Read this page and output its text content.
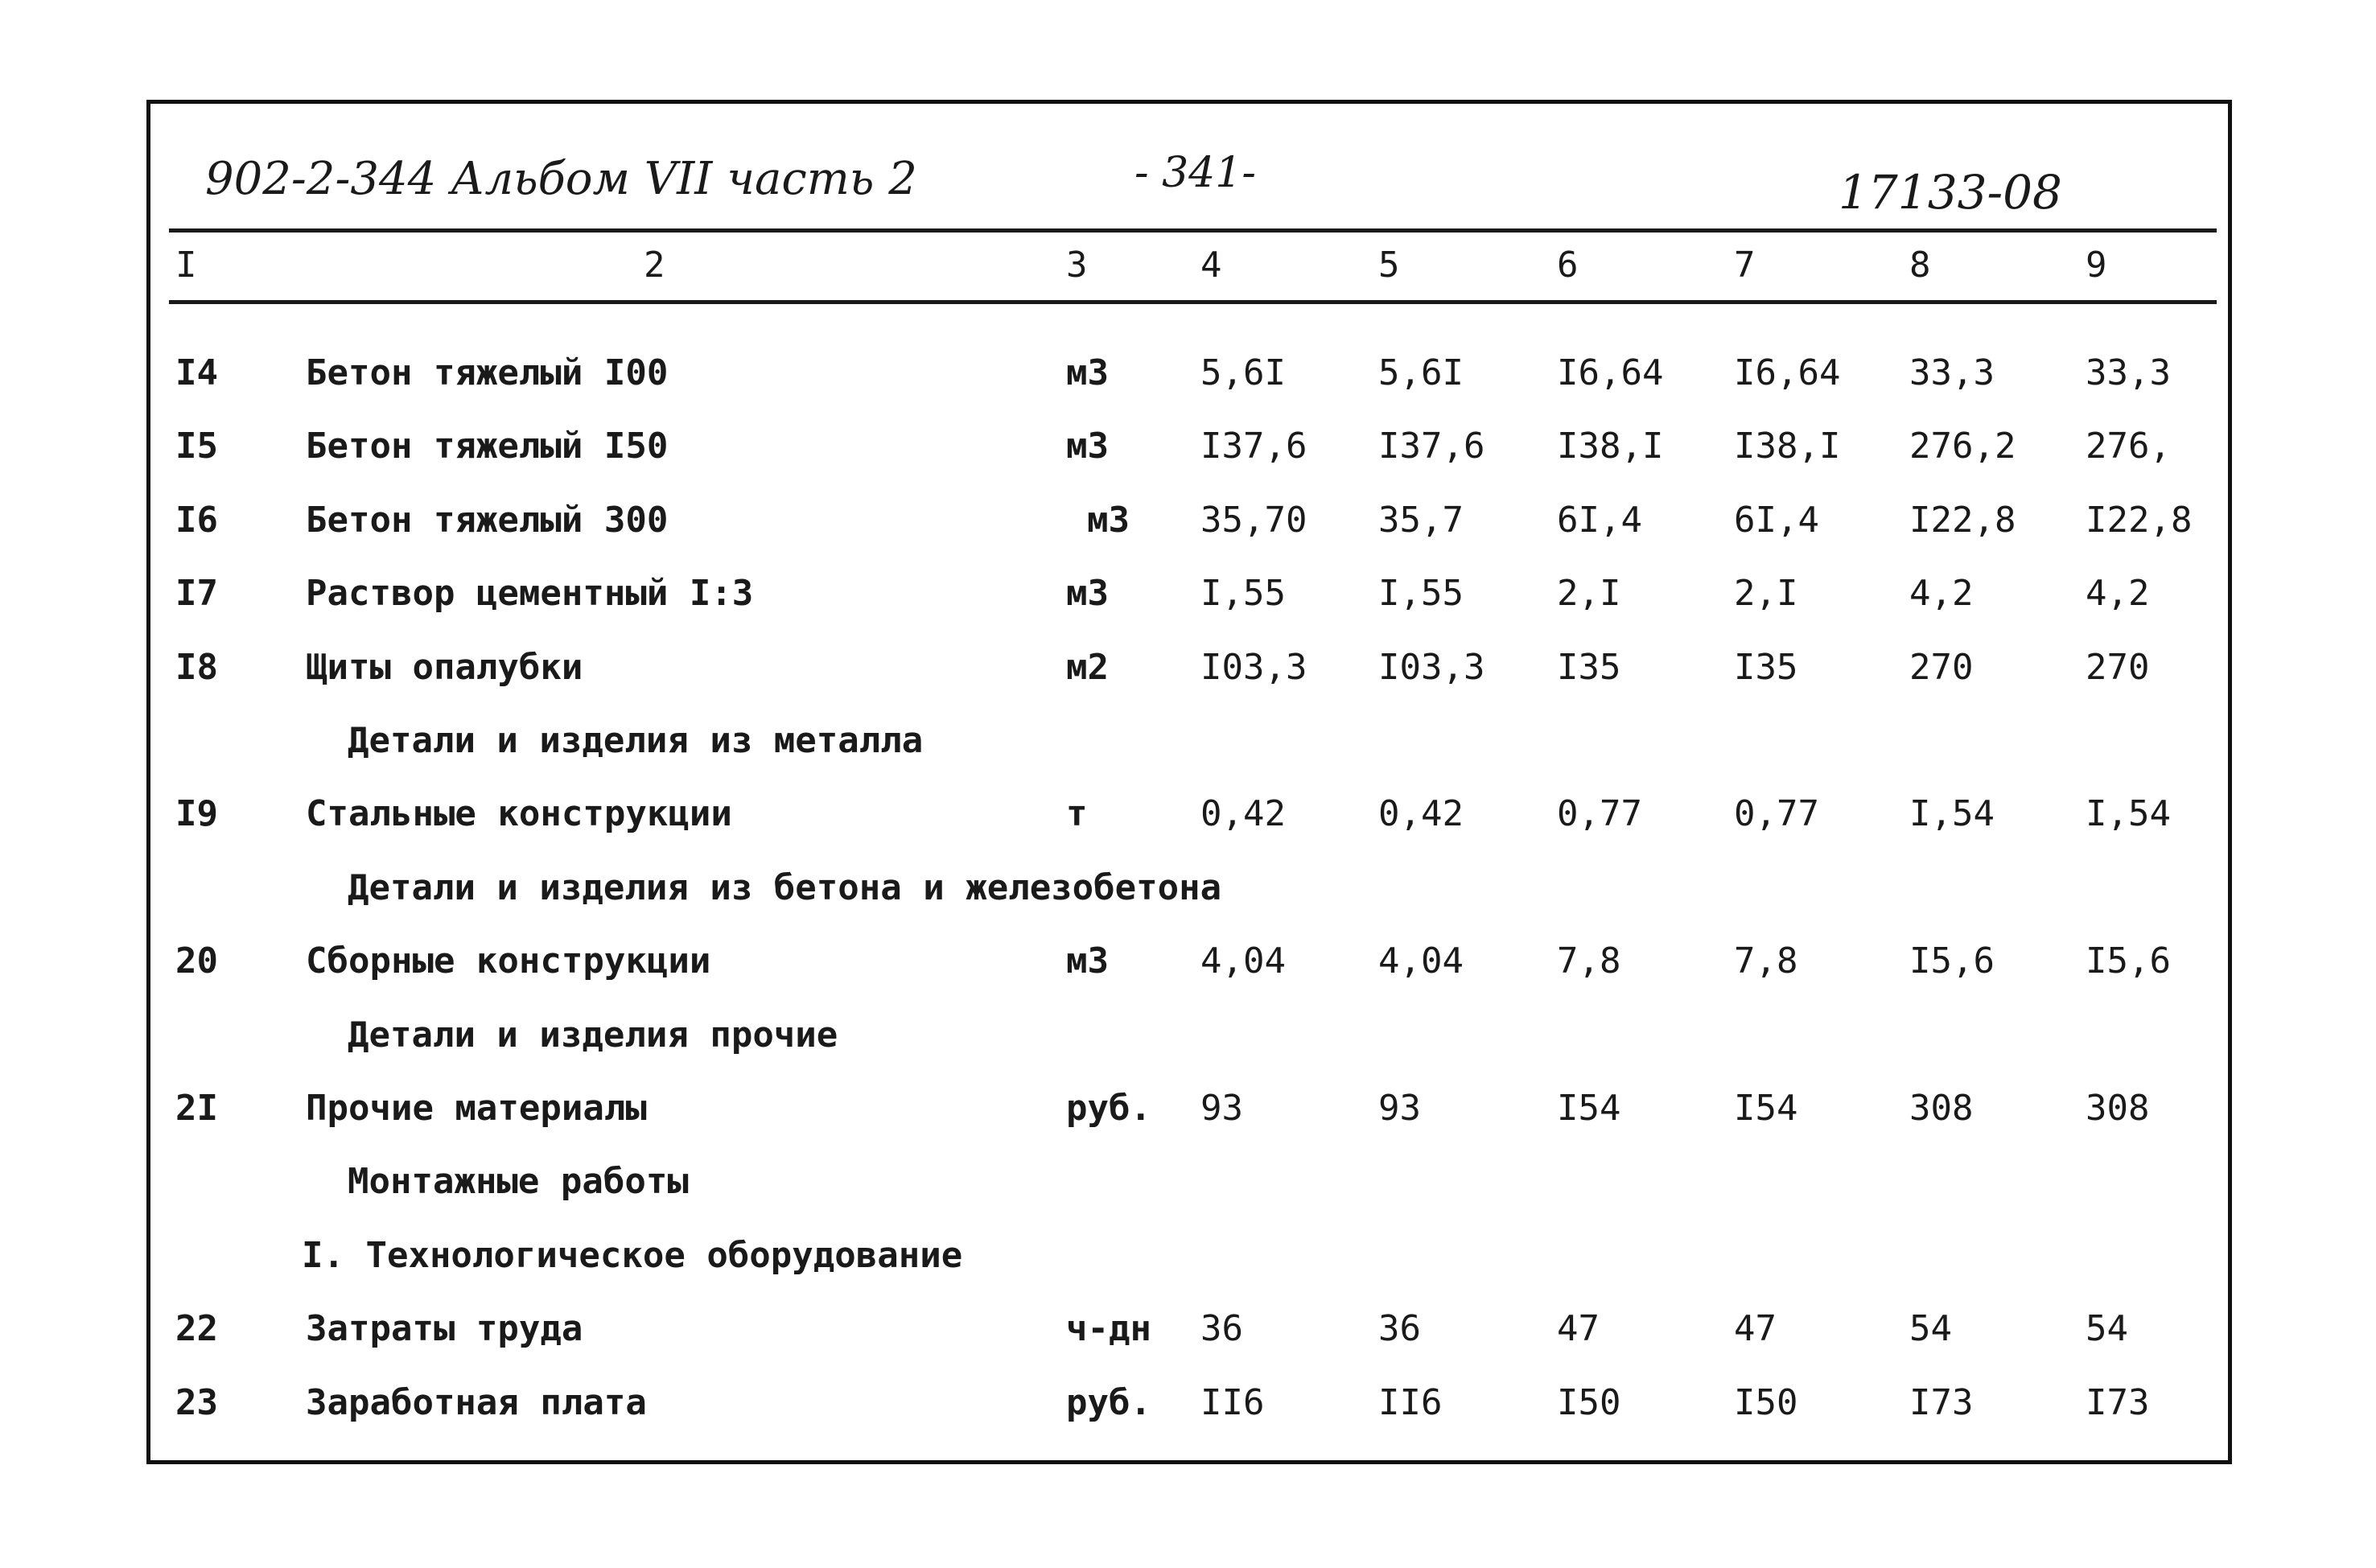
902-2-344 Альбом VII часть 2	- 341-	17133-08
I	2	3	4	5	6	7	8	9
I4 Бетон тяжелый I00	м3	5,6I	5,6I	I6,64 I6,64 33,3	33,3
I5 Бетон тяжелый I50	м3	I37,6 I37,6 I38,I I38,I 276,2 276,
I6 Бетон тяжелый 300	м3 35,70 35,7	6I,4	6I,4	I22,8 I22,8
I7 Раствор цементный I:3	м3	I,55	I,55	2,I	2,I	4,2	4,2
I8 Щиты опалубки	м2	I03,3 I03,3 I35	I35	270	270
Детали и изделия из металла
I9 Стальные конструкции	т	0,42	0,42	0,77	0,77	I,54	I,54
Детали и изделия из бетона и железобетона
20 Сборные конструкции	м3	4,04	4,04	7,8	7,8	I5,6	I5,6
Детали и изделия прочие
2I Прочие материалы	руб. 93	93	I54	I54	308	308
Монтажные работы
I. Технологическое оборудование
22 Затраты труда	ч-дн 36	36	47	47	54	54
23 Заработная плата	руб. II6	II6	I50	I50	I73	I73
